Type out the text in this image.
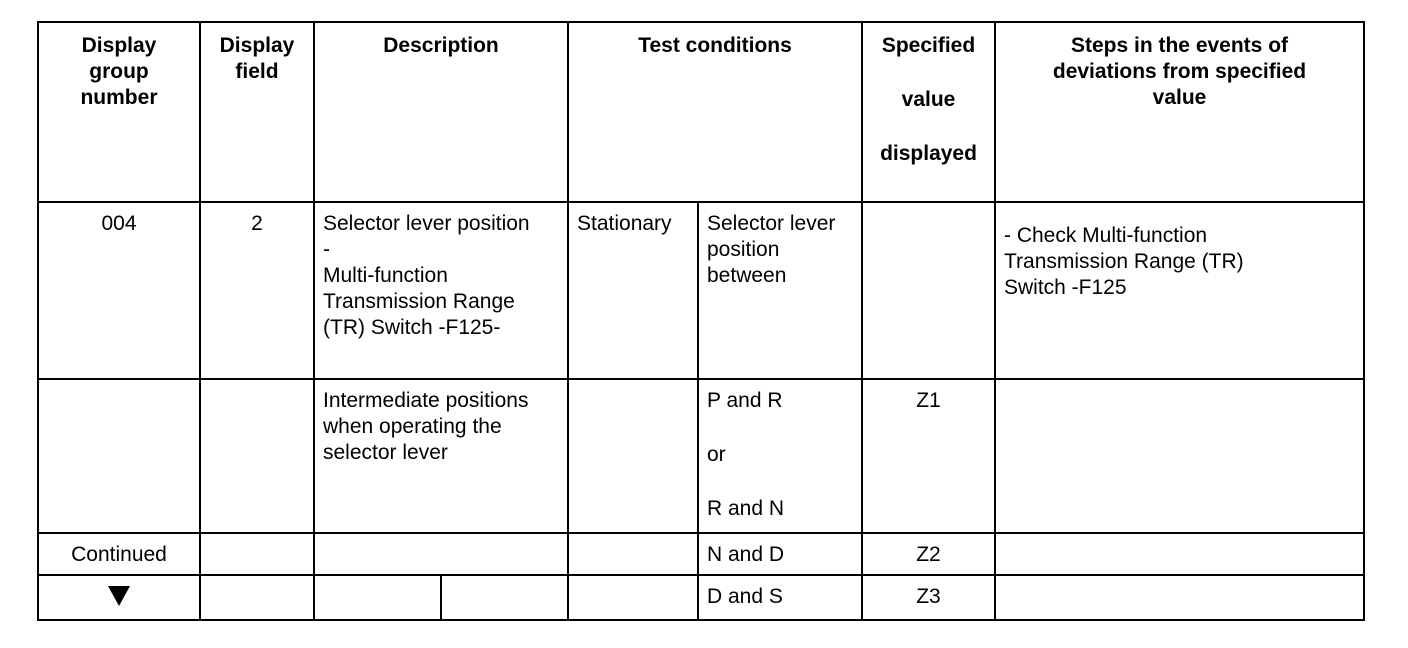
Display
group
number	Display
field	Description		Test conditions		Specified
value
displayed	Steps in the events of
deviations from specified
value

004	2	Selector lever position
-
Multi-function
Transmission Range
(TR) Switch -F125-		Stationary	Selector lever
position
between		- Check Multi-function
Transmission Range (TR)
Switch -F125

		Intermediate positions
when operating the
selector lever			P and R
or
R and N	Z1	
Continued					N and D	Z2	
					D and S	Z3	
